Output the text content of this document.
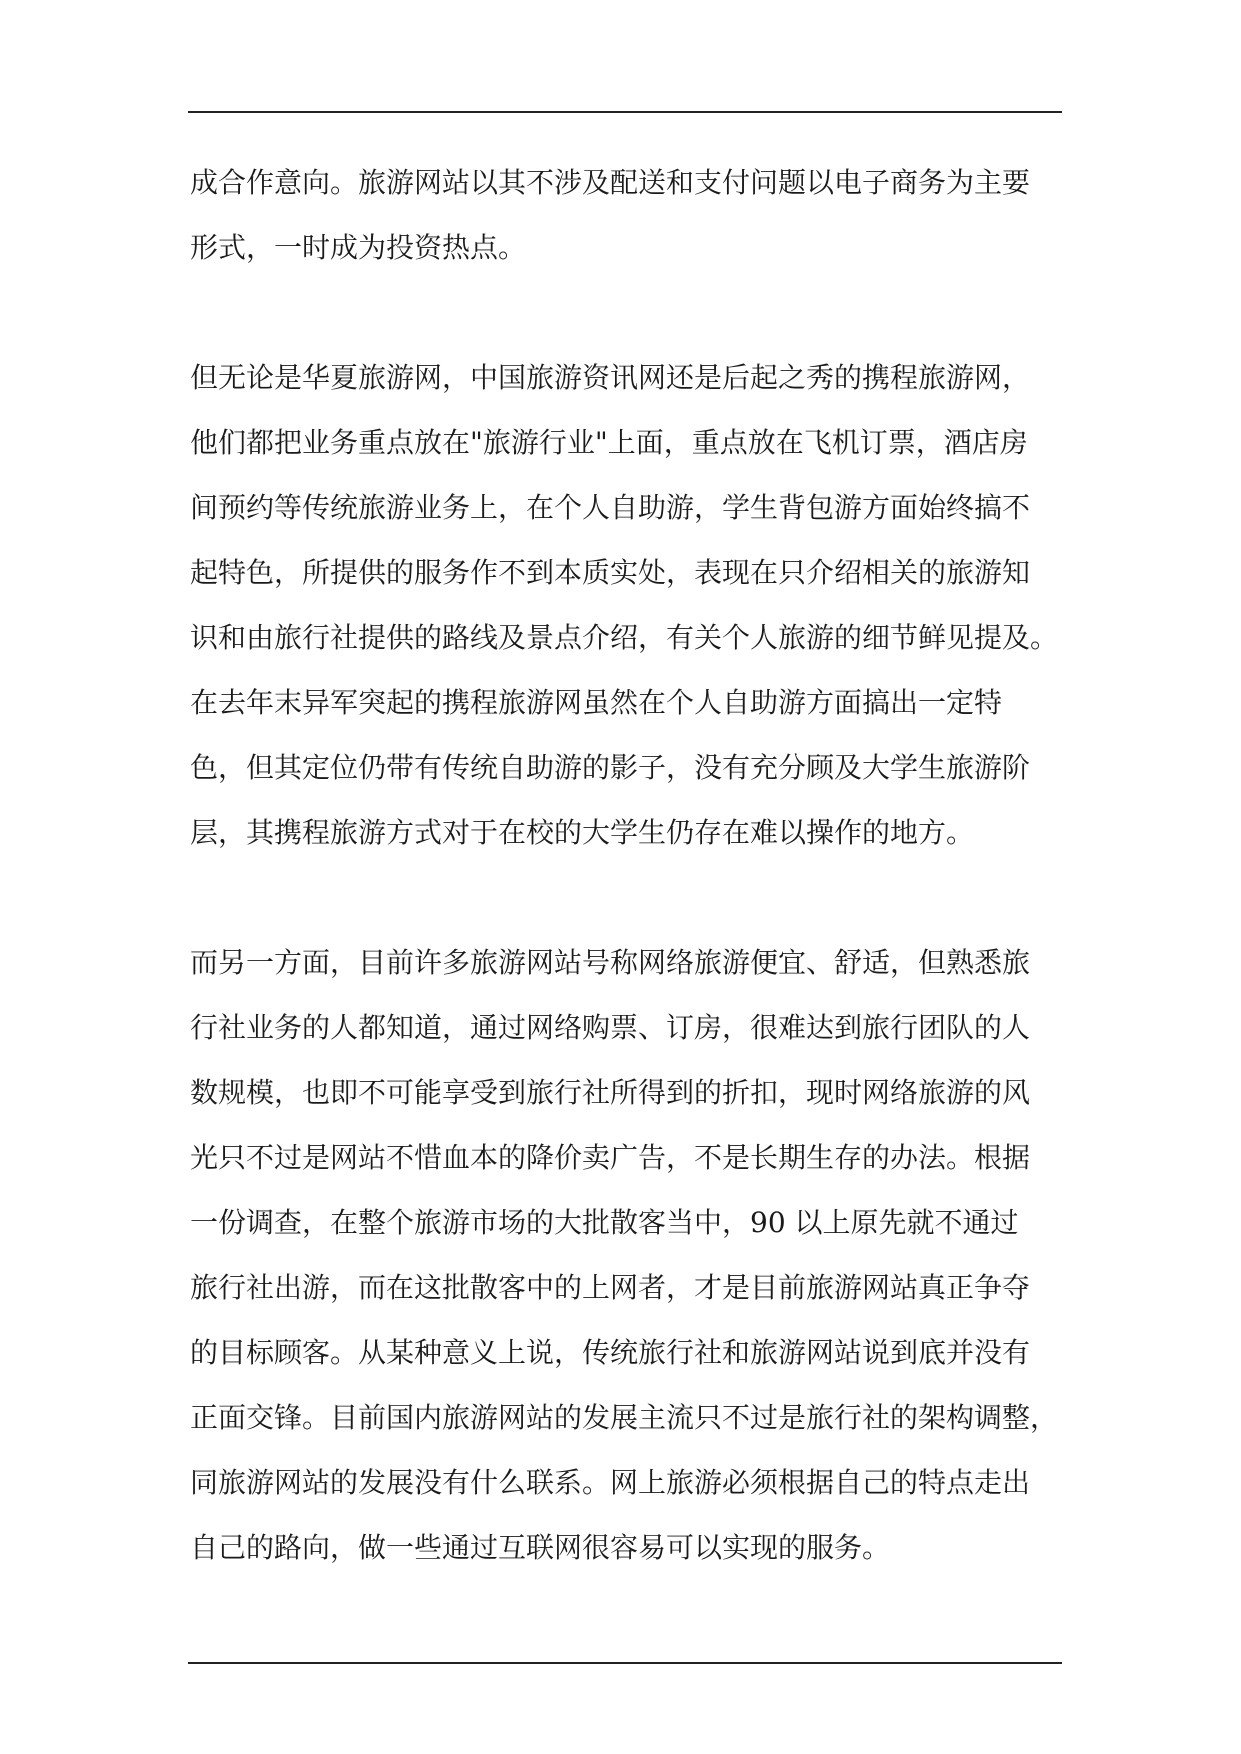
成合作意向。旅游网站以其不涉及配送和支付问题以电子商务为主要
形式，一时成为投资热点。

但无论是华夏旅游网，中国旅游资讯网还是后起之秀的携程旅游网，
他们都把业务重点放在"旅游行业"上面，重点放在飞机订票，酒店房
间预约等传统旅游业务上，在个人自助游，学生背包游方面始终搞不
起特色，所提供的服务作不到本质实处，表现在只介绍相关的旅游知
识和由旅行社提供的路线及景点介绍，有关个人旅游的细节鲜见提及。
在去年末异军突起的携程旅游网虽然在个人自助游方面搞出一定特
色，但其定位仍带有传统自助游的影子，没有充分顾及大学生旅游阶
层，其携程旅游方式对于在校的大学生仍存在难以操作的地方。

而另一方面，目前许多旅游网站号称网络旅游便宜、舒适，但熟悉旅
行社业务的人都知道，通过网络购票、订房，很难达到旅行团队的人
数规模，也即不可能享受到旅行社所得到的折扣，现时网络旅游的风
光只不过是网站不惜血本的降价卖广告，不是长期生存的办法。根据
一份调查，在整个旅游市场的大批散客当中，90 以上原先就不通过
旅行社出游，而在这批散客中的上网者，才是目前旅游网站真正争夺
的目标顾客。从某种意义上说，传统旅行社和旅游网站说到底并没有
正面交锋。目前国内旅游网站的发展主流只不过是旅行社的架构调整，
同旅游网站的发展没有什么联系。网上旅游必须根据自己的特点走出
自己的路向，做一些通过互联网很容易可以实现的服务。
